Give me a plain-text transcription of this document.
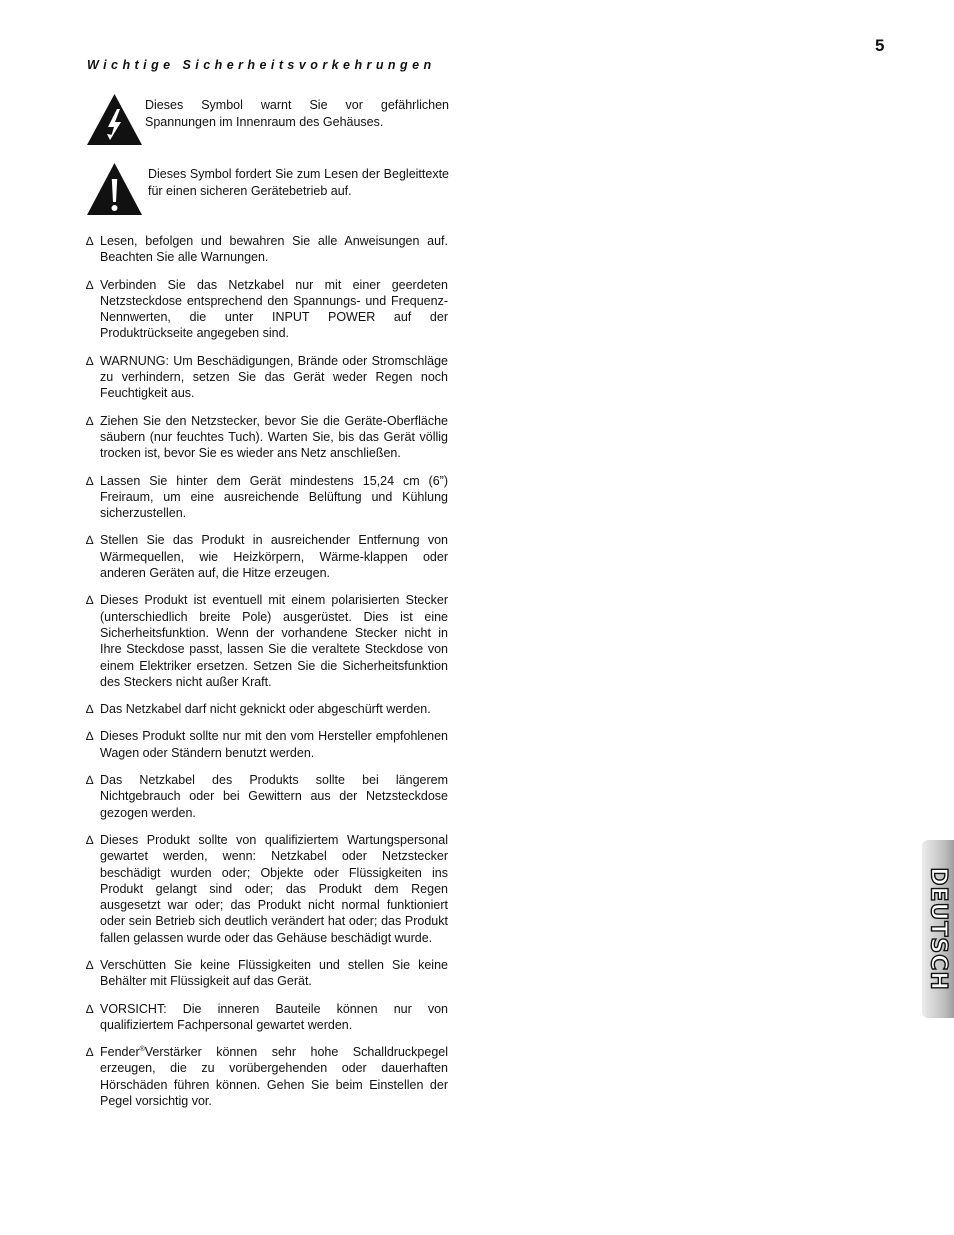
5
Wichtige Sicherheitsvorkehrungen
Dieses Symbol warnt Sie vor gefährlichen Spannungen im Innenraum des Gehäuses.
Dieses Symbol fordert Sie zum Lesen der Begleittexte für einen sicheren Gerätebetrieb auf.
∆ Lesen, befolgen und bewahren Sie alle Anweisungen auf. Beachten Sie alle Warnungen.
∆ Verbinden Sie das Netzkabel nur mit einer geerdeten Netzsteckdose entsprechend den Spannungs- und Frequenz-Nennwerten, die unter INPUT POWER auf der Produktrückseite angegeben sind.
∆ WARNUNG: Um Beschädigungen, Brände oder Stromschläge zu verhindern, setzen Sie das Gerät weder Regen noch Feuchtigkeit aus.
∆ Ziehen Sie den Netzstecker, bevor Sie die Geräte-Oberfläche säubern (nur feuchtes Tuch). Warten Sie, bis das Gerät völlig trocken ist, bevor Sie es wieder ans Netz anschließen.
∆ Lassen Sie hinter dem Gerät mindestens 15,24 cm (6”) Freiraum, um eine ausreichende Belüftung und Kühlung sicherzustellen.
∆ Stellen Sie das Produkt in ausreichender Entfernung von Wärmequellen, wie Heizkörpern, Wärme-klappen oder anderen Geräten auf, die Hitze erzeugen.
∆ Dieses Produkt ist eventuell mit einem polarisierten Stecker (unterschiedlich breite Pole) ausgerüstet. Dies ist eine Sicherheitsfunktion. Wenn der vorhandene Stecker nicht in Ihre Steckdose passt, lassen Sie die veraltete Steckdose von einem Elektriker ersetzen. Setzen Sie die Sicherheitsfunktion des Steckers nicht außer Kraft.
∆ Das Netzkabel darf nicht geknickt oder abgeschürft werden.
∆ Dieses Produkt sollte nur mit den vom Hersteller empfohlenen Wagen oder Ständern benutzt werden.
∆ Das Netzkabel des Produkts sollte bei längerem Nichtgebrauch oder bei Gewittern aus der Netzsteckdose gezogen werden.
∆ Dieses Produkt sollte von qualifiziertem Wartungspersonal gewartet werden, wenn: Netzkabel oder Netzstecker beschädigt wurden oder; Objekte oder Flüssigkeiten ins Produkt gelangt sind oder; das Produkt dem Regen ausgesetzt war oder; das Produkt nicht normal funktioniert oder sein Betrieb sich deutlich verändert hat oder; das Produkt fallen gelassen wurde oder das Gehäuse beschädigt wurde.
∆ Verschütten Sie keine Flüssigkeiten und stellen Sie keine Behälter mit Flüssigkeit auf das Gerät.
∆ VORSICHT: Die inneren Bauteile können nur von qualifiziertem Fachpersonal gewartet werden.
∆ Fender®Verstärker können sehr hohe Schalldruckpegel erzeugen, die zu vorübergehenden oder dauerhaften Hörschäden führen können. Gehen Sie beim Einstellen der Pegel vorsichtig vor.
DEUTSCH
